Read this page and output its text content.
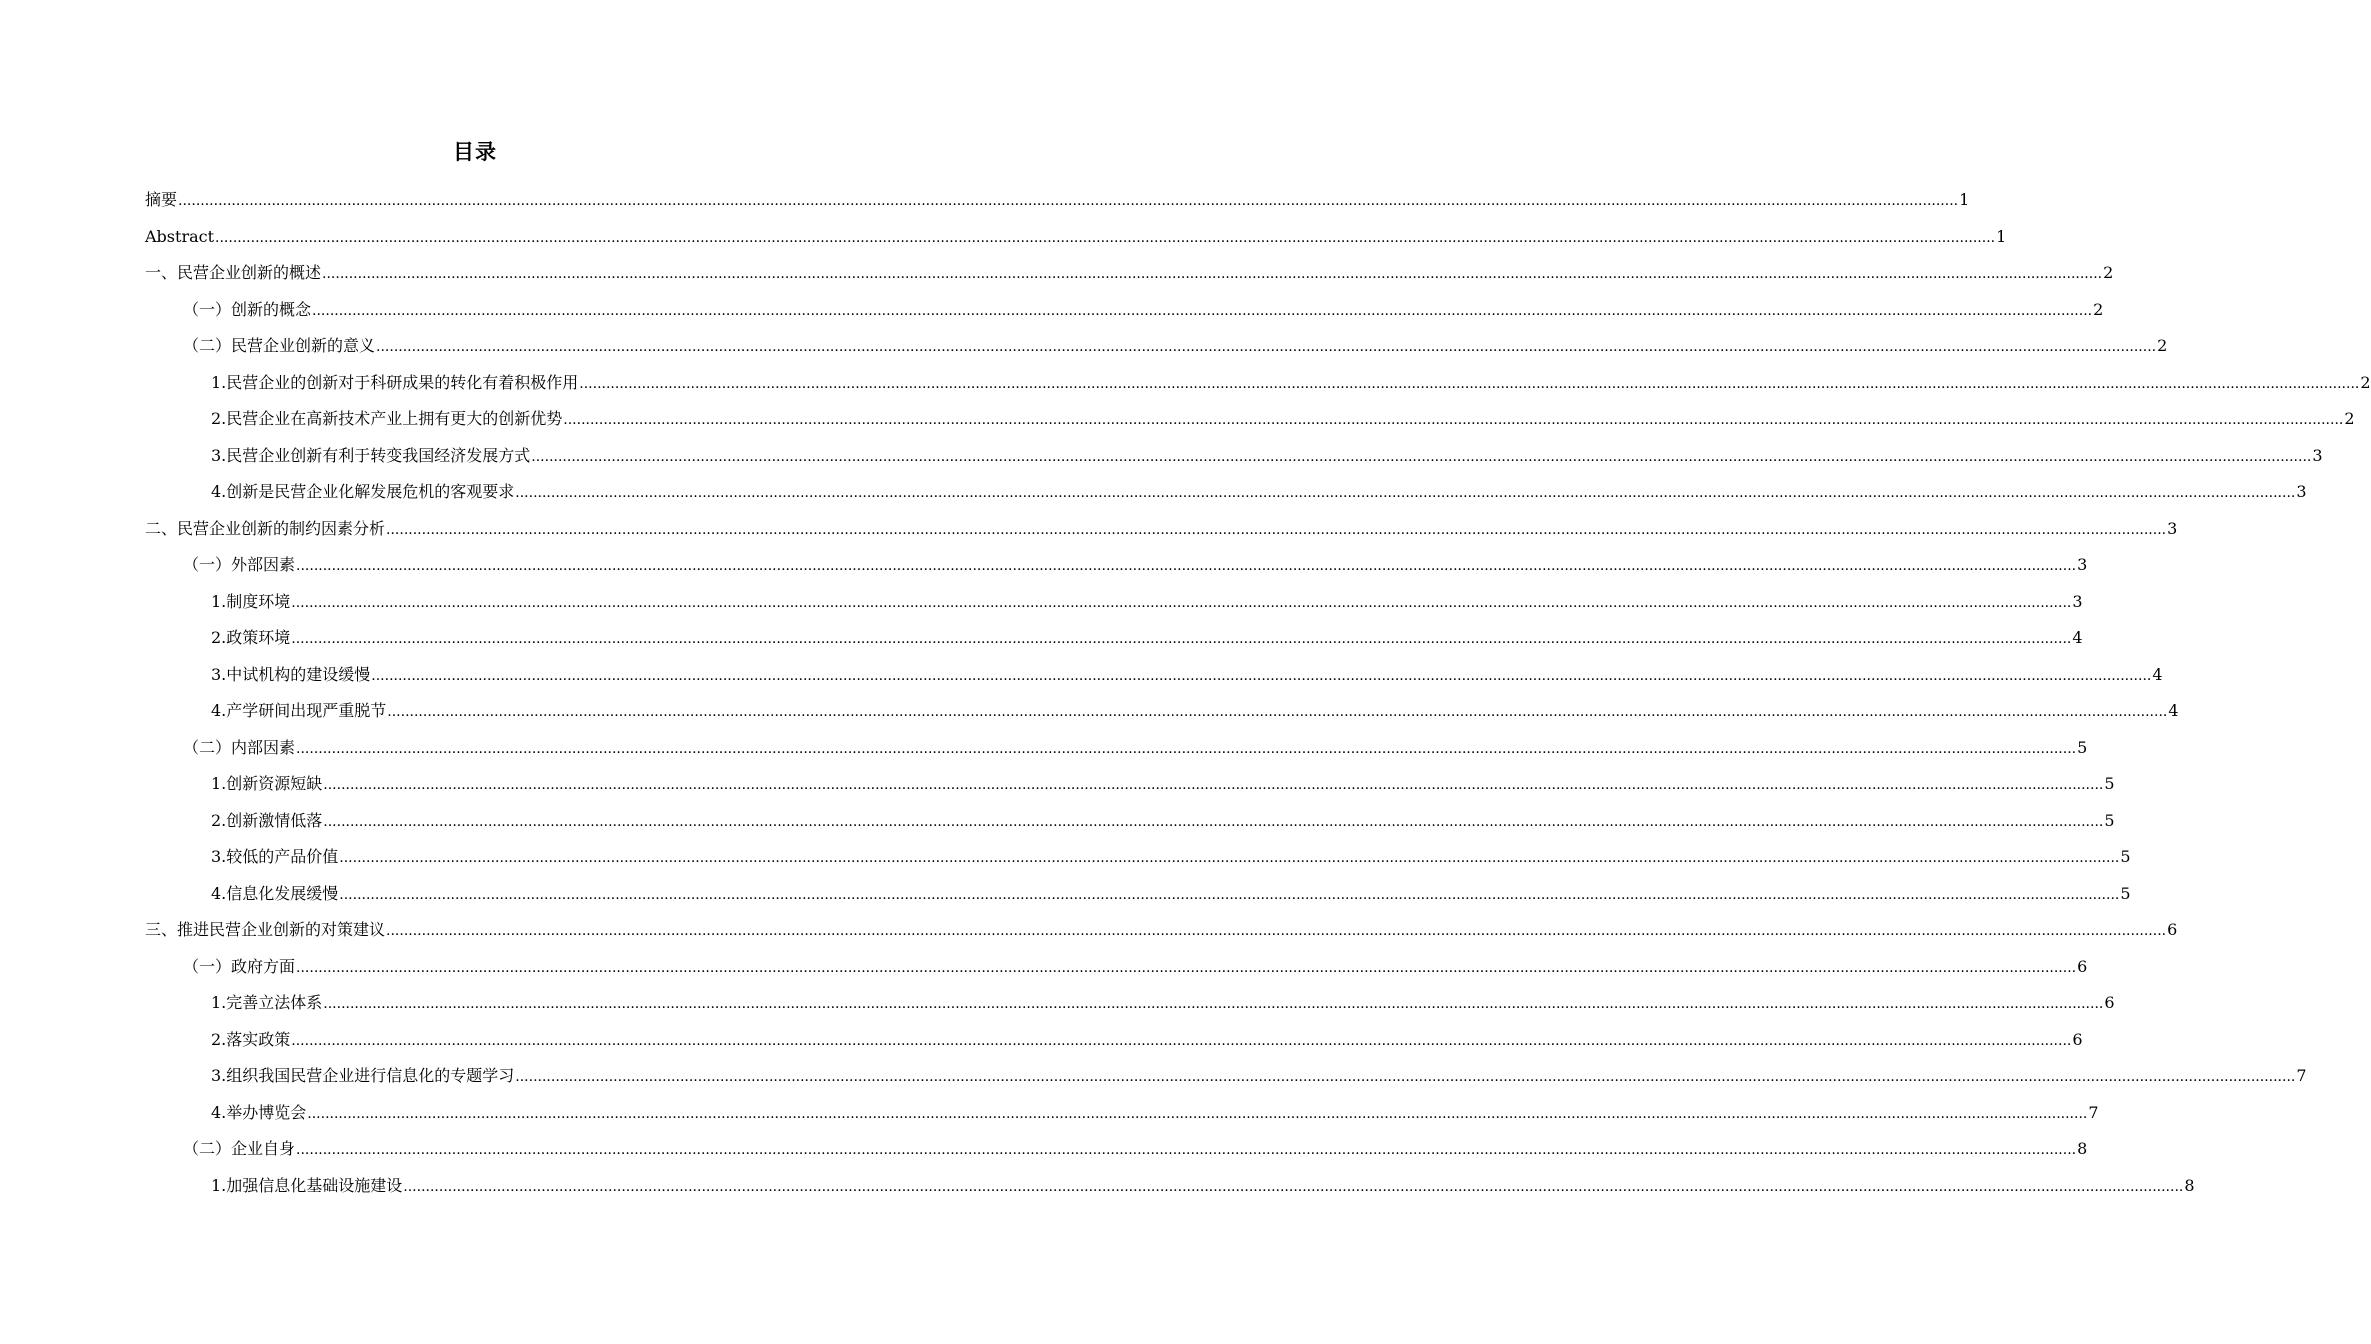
目录
摘要 ................................................................................................................................................................................................................................................................................................................................................................................................................ 1
Abstract ................................................................................................................................................................................................................................................................................................................................................................................................................ 1
一、民营企业创新的概述 ................................................................................................................................................................................................................................................................................................................................................................................................................ 2
（一）创新的概念 ................................................................................................................................................................................................................................................................................................................................................................................................................ 2
（二）民营企业创新的意义 ................................................................................................................................................................................................................................................................................................................................................................................................................ 2
1.民营企业的创新对于科研成果的转化有着积极作用 ................................................................................................................................................................................................................................................................................................................................................................................................................ 2
2.民营企业在高新技术产业上拥有更大的创新优势 ................................................................................................................................................................................................................................................................................................................................................................................................................ 2
3.民营企业创新有利于转变我国经济发展方式 ................................................................................................................................................................................................................................................................................................................................................................................................................ 3
4.创新是民营企业化解发展危机的客观要求 ................................................................................................................................................................................................................................................................................................................................................................................................................ 3
二、民营企业创新的制约因素分析 ................................................................................................................................................................................................................................................................................................................................................................................................................ 3
（一）外部因素 ................................................................................................................................................................................................................................................................................................................................................................................................................ 3
1.制度环境 ................................................................................................................................................................................................................................................................................................................................................................................................................ 3
2.政策环境 ................................................................................................................................................................................................................................................................................................................................................................................................................ 4
3.中试机构的建设缓慢 ................................................................................................................................................................................................................................................................................................................................................................................................................ 4
4.产学研间出现严重脱节 ................................................................................................................................................................................................................................................................................................................................................................................................................ 4
（二）内部因素 ................................................................................................................................................................................................................................................................................................................................................................................................................ 5
1.创新资源短缺 ................................................................................................................................................................................................................................................................................................................................................................................................................ 5
2.创新激情低落 ................................................................................................................................................................................................................................................................................................................................................................................................................ 5
3.较低的产品价值 ................................................................................................................................................................................................................................................................................................................................................................................................................ 5
4.信息化发展缓慢 ................................................................................................................................................................................................................................................................................................................................................................................................................ 5
三、推进民营企业创新的对策建议 ................................................................................................................................................................................................................................................................................................................................................................................................................ 6
（一）政府方面 ................................................................................................................................................................................................................................................................................................................................................................................................................ 6
1.完善立法体系 ................................................................................................................................................................................................................................................................................................................................................................................................................ 6
2.落实政策 ................................................................................................................................................................................................................................................................................................................................................................................................................ 6
3.组织我国民营企业进行信息化的专题学习 ................................................................................................................................................................................................................................................................................................................................................................................................................ 7
4.举办博览会 ................................................................................................................................................................................................................................................................................................................................................................................................................ 7
（二）企业自身 ................................................................................................................................................................................................................................................................................................................................................................................................................ 8
1.加强信息化基础设施建设 ................................................................................................................................................................................................................................................................................................................................................................................................................ 8
